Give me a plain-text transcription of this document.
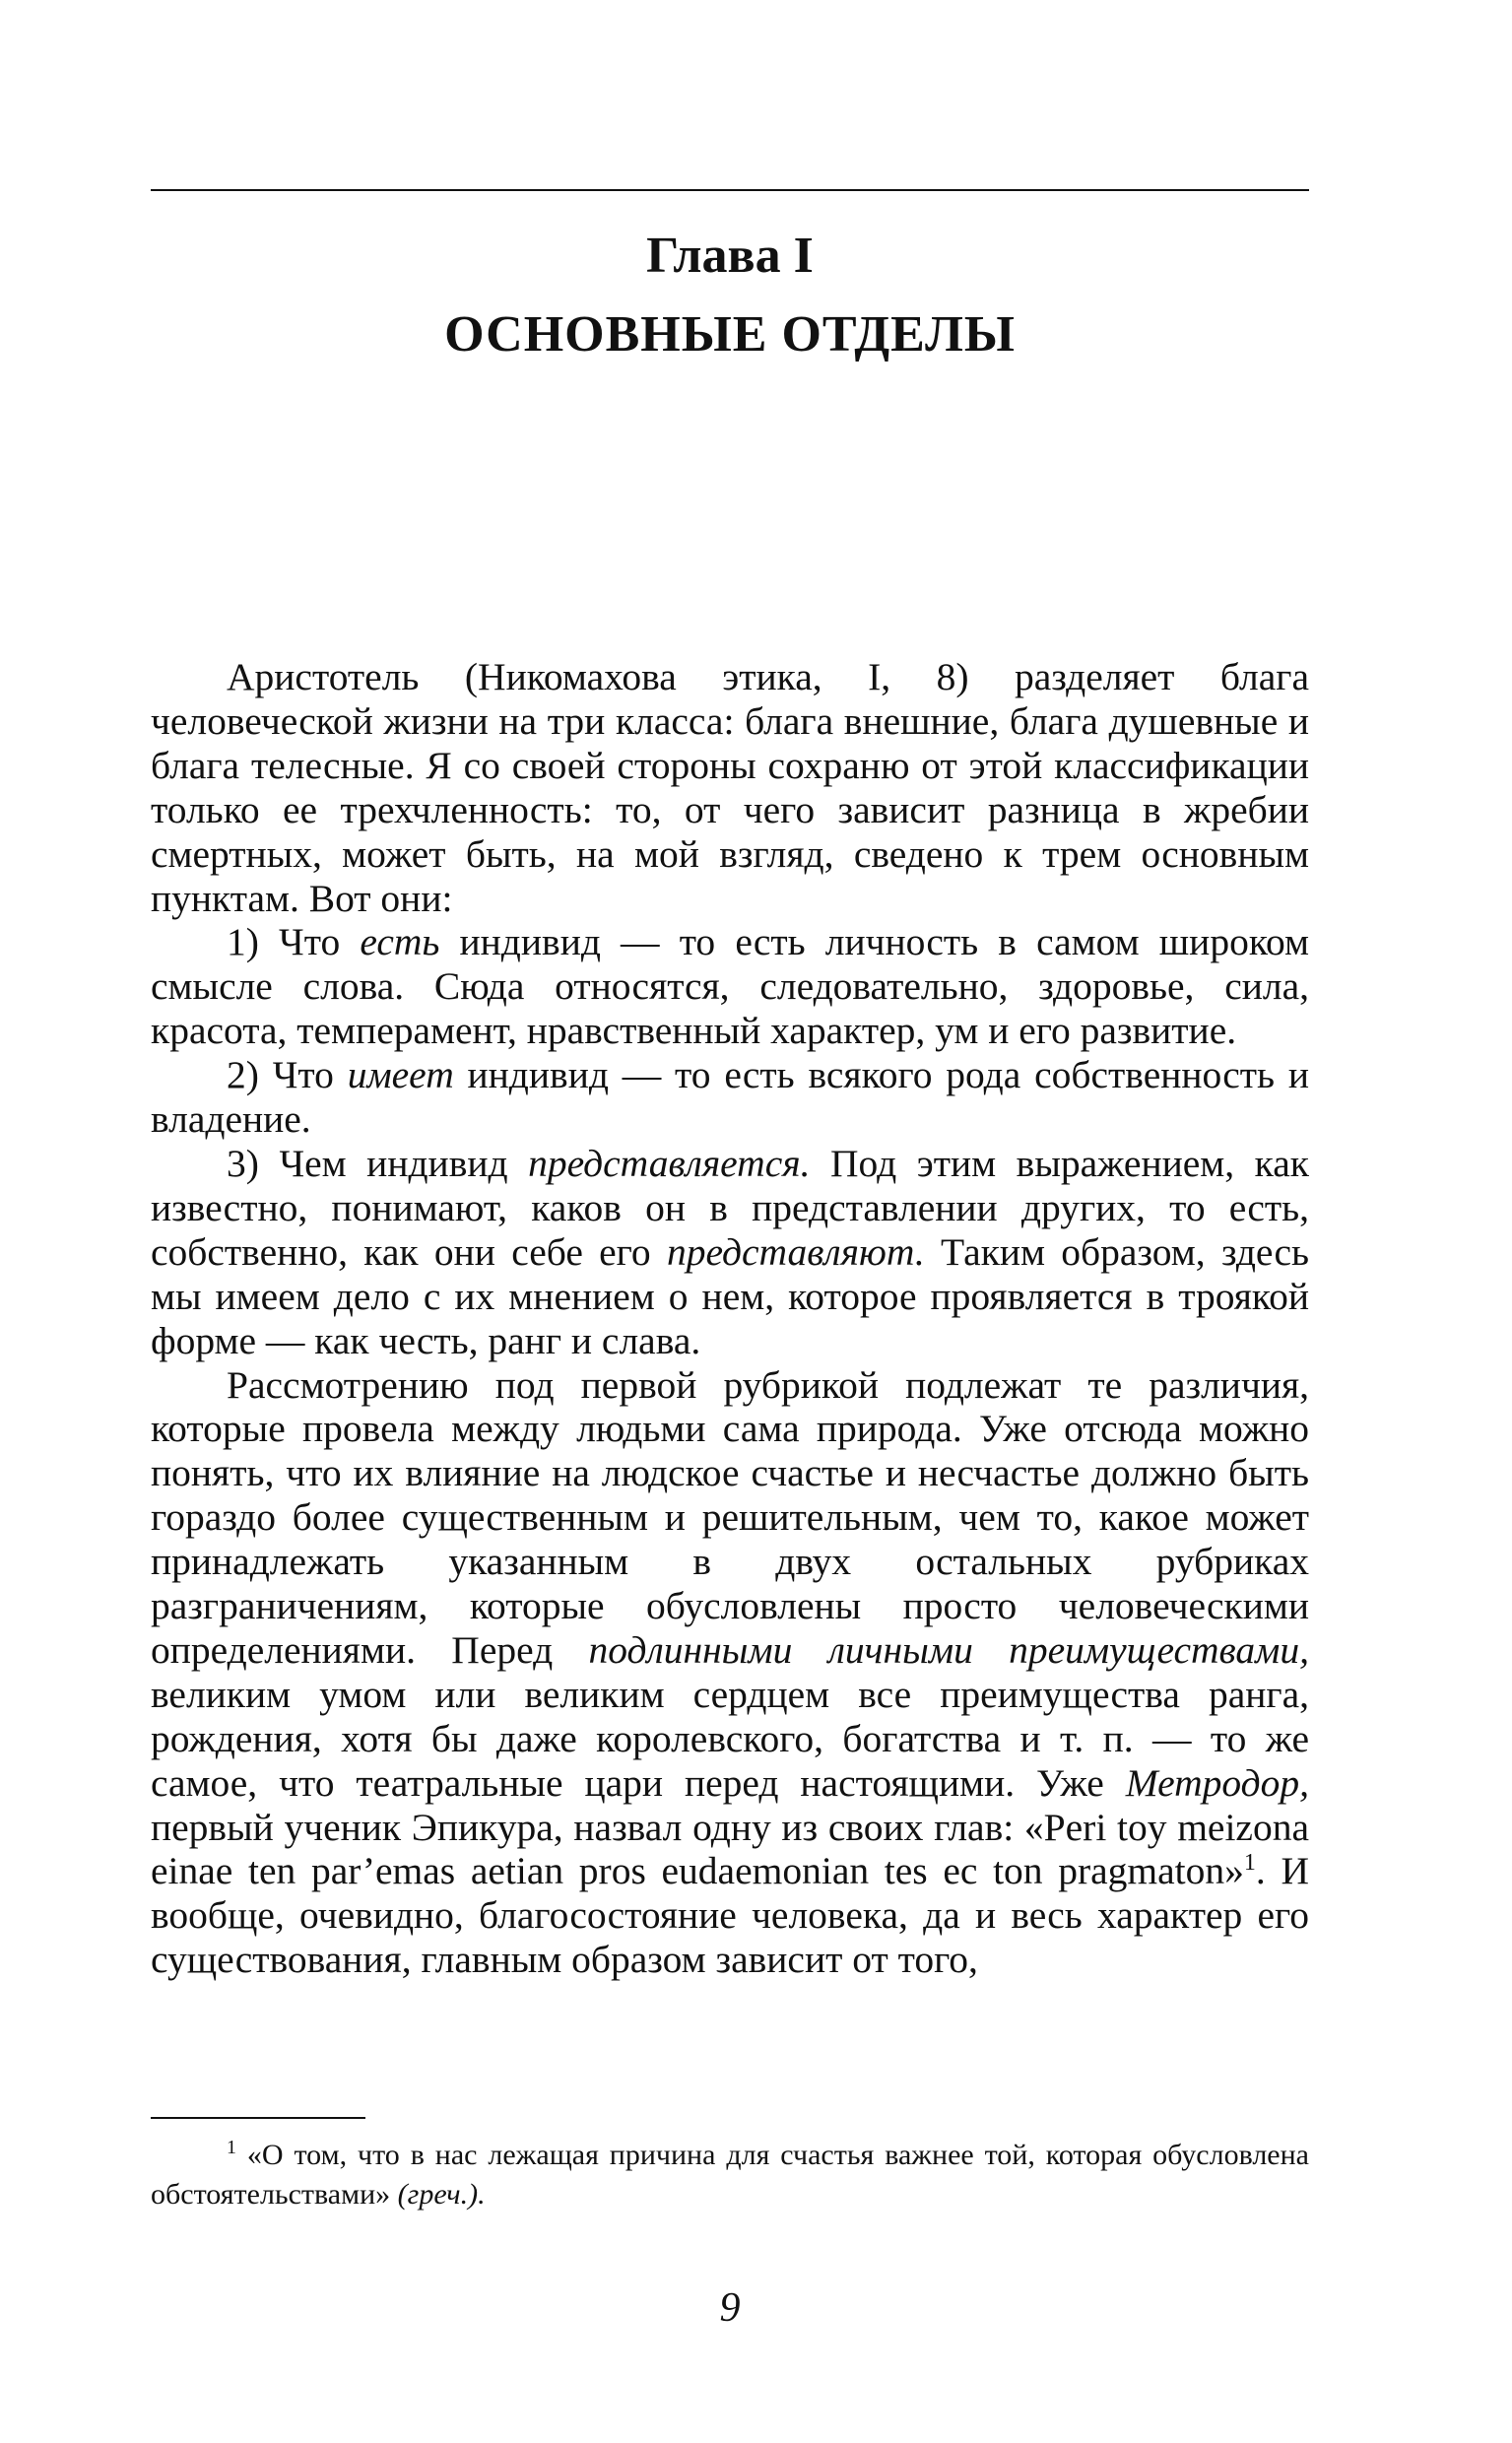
Глава I
ОСНОВНЫЕ ОТДЕЛЫ

Аристотель (Никомахова этика, I, 8) разделяет блага человеческой жизни на три класса: блага внешние, блага душевные и блага телесные. Я со своей стороны сохраню от этой классификации только ее трехчленность: то, от чего зависит разница в жребии смертных, может быть, на мой взгляд, сведено к трем основным пунктам. Вот они:

1) Что есть индивид — то есть личность в самом широком смысле слова. Сюда относятся, следовательно, здоровье, сила, красота, темперамент, нравственный характер, ум и его развитие.

2) Что имеет индивид — то есть всякого рода собственность и владение.

3) Чем индивид представляется. Под этим выражением, как известно, понимают, каков он в представлении других, то есть, собственно, как они себе его представляют. Таким образом, здесь мы имеем дело с их мнением о нем, которое проявляется в троякой форме — как честь, ранг и слава.

Рассмотрению под первой рубрикой подлежат те различия, которые провела между людьми сама природа. Уже отсюда можно понять, что их влияние на людское счастье и несчастье должно быть гораздо более существенным и решительным, чем то, какое может принадлежать указанным в двух остальных рубриках разграничениям, которые обусловлены просто человеческими определениями. Перед подлинными личными преимуществами, великим умом или великим сердцем все преимущества ранга, рождения, хотя бы даже королевского, богатства и т. п. — то же самое, что театральные цари перед настоящими. Уже Метродор, первый ученик Эпикура, назвал одну из своих глав: «Peri toy meizona einae ten par’emas aetian pros eudaemonian tes ec ton pragmaton»$^1$. И вообще, очевидно, благосостояние человека, да и весь характер его существования, главным образом зависит от того,

$^1$ «О том, что в нас лежащая причина для счастья важнее той, которая обусловлена обстоятельствами» (греч.).

9
